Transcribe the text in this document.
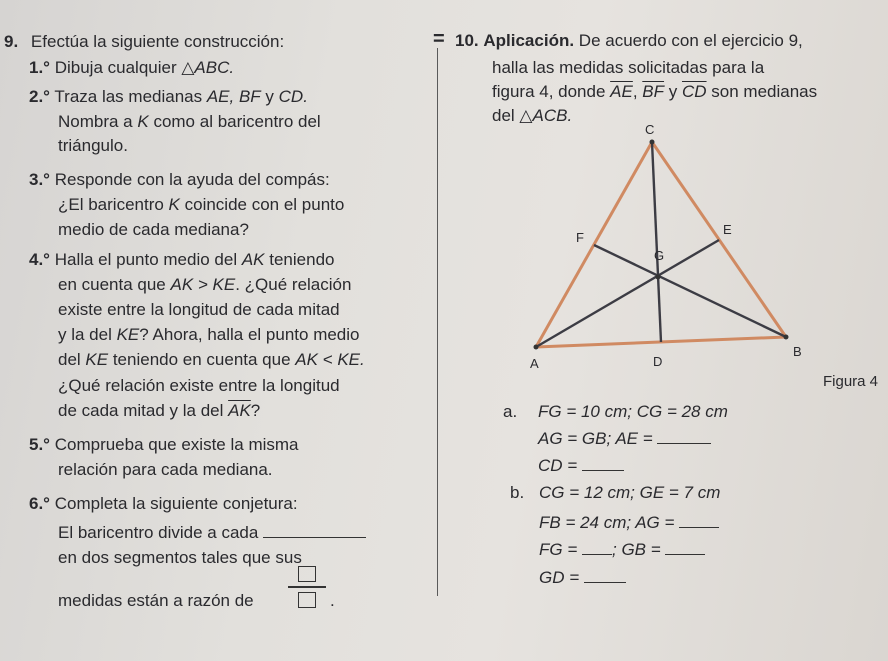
9. Efectúa la siguiente construcción:
1.° Dibuja cualquier △ABC.
2.° Traza las medianas AE, BF y CD.
Nombra a K como al baricentro del
triángulo.
3.° Responde con la ayuda del compás:
¿El baricentro K coincide con el punto
medio de cada mediana?
4.° Halla el punto medio del AK teniendo
en cuenta que AK > KE. ¿Qué relación
existe entre la longitud de cada mitad
y la del KE? Ahora, halla el punto medio
del KE teniendo en cuenta que AK < KE.
¿Qué relación existe entre la longitud
de cada mitad y la del $\overline{AK}$?
5.° Comprueba que existe la misma
relación para cada mediana.
6.° Completa la siguiente conjetura:
El baricentro divide a cada
en dos segmentos tales que sus
medidas están a razón de	.
= 10. Aplicación. De acuerdo con el ejercicio 9,
halla las medidas solicitadas para la
figura 4, donde $\overline{AE}$, $\overline{BF}$ y $\overline{CD}$ son medianas
del △ACB.
C
F
E
G
A	D
B
Figura 4
a. FG = 10 cm; CG = 28 cm
AG = GB; AE =
CD =
b. CG = 12 cm; GE = 7 cm
FB = 24 cm; AG =
FG = ; GB =
GD =
